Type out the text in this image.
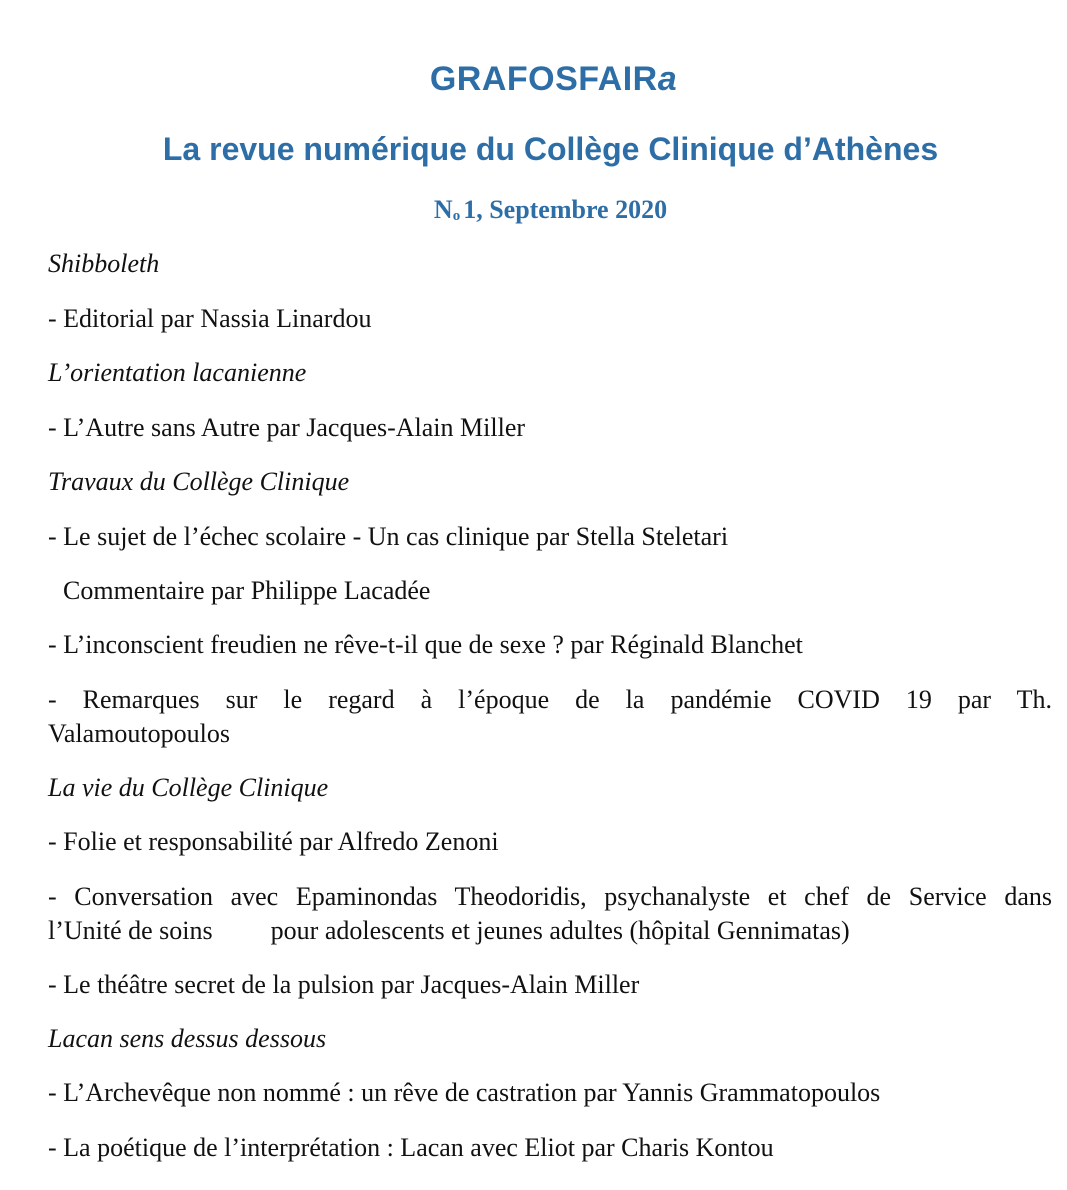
GRAFOSFAIRa
La revue numérique du Collège Clinique d’Athènes

$N^o$ 1, Septembre 2020

Shibboleth

- Editorial par Nassia Linardou

L’orientation lacanienne

- L’Autre sans Autre par Jacques-Alain Miller

Travaux du Collège Clinique

- Le sujet de l’échec scolaire - Un cas clinique par Stella Steletari

Commentaire par Philippe Lacadée

- L’inconscient freudien ne rêve-t-il que de sexe ? par Réginald Blanchet

- Remarques sur le regard à l’époque de la pandémie COVID 19 par Th.

Valamoutopoulos

La vie du Collège Clinique

- Folie et responsabilité par Alfredo Zenoni

- Conversation avec Epaminondas Theodoridis, psychanalyste et chef de Service dans

l’Unité de soins pour adolescents et jeunes adultes (hôpital Gennimatas)

- Le théâtre secret de la pulsion par Jacques-Alain Miller

Lacan sens dessus dessous

- L’Archevêque non nommé : un rêve de castration par Yannis Grammatopoulos

- La poétique de l’interprétation : Lacan avec Eliot par Charis Kontou
